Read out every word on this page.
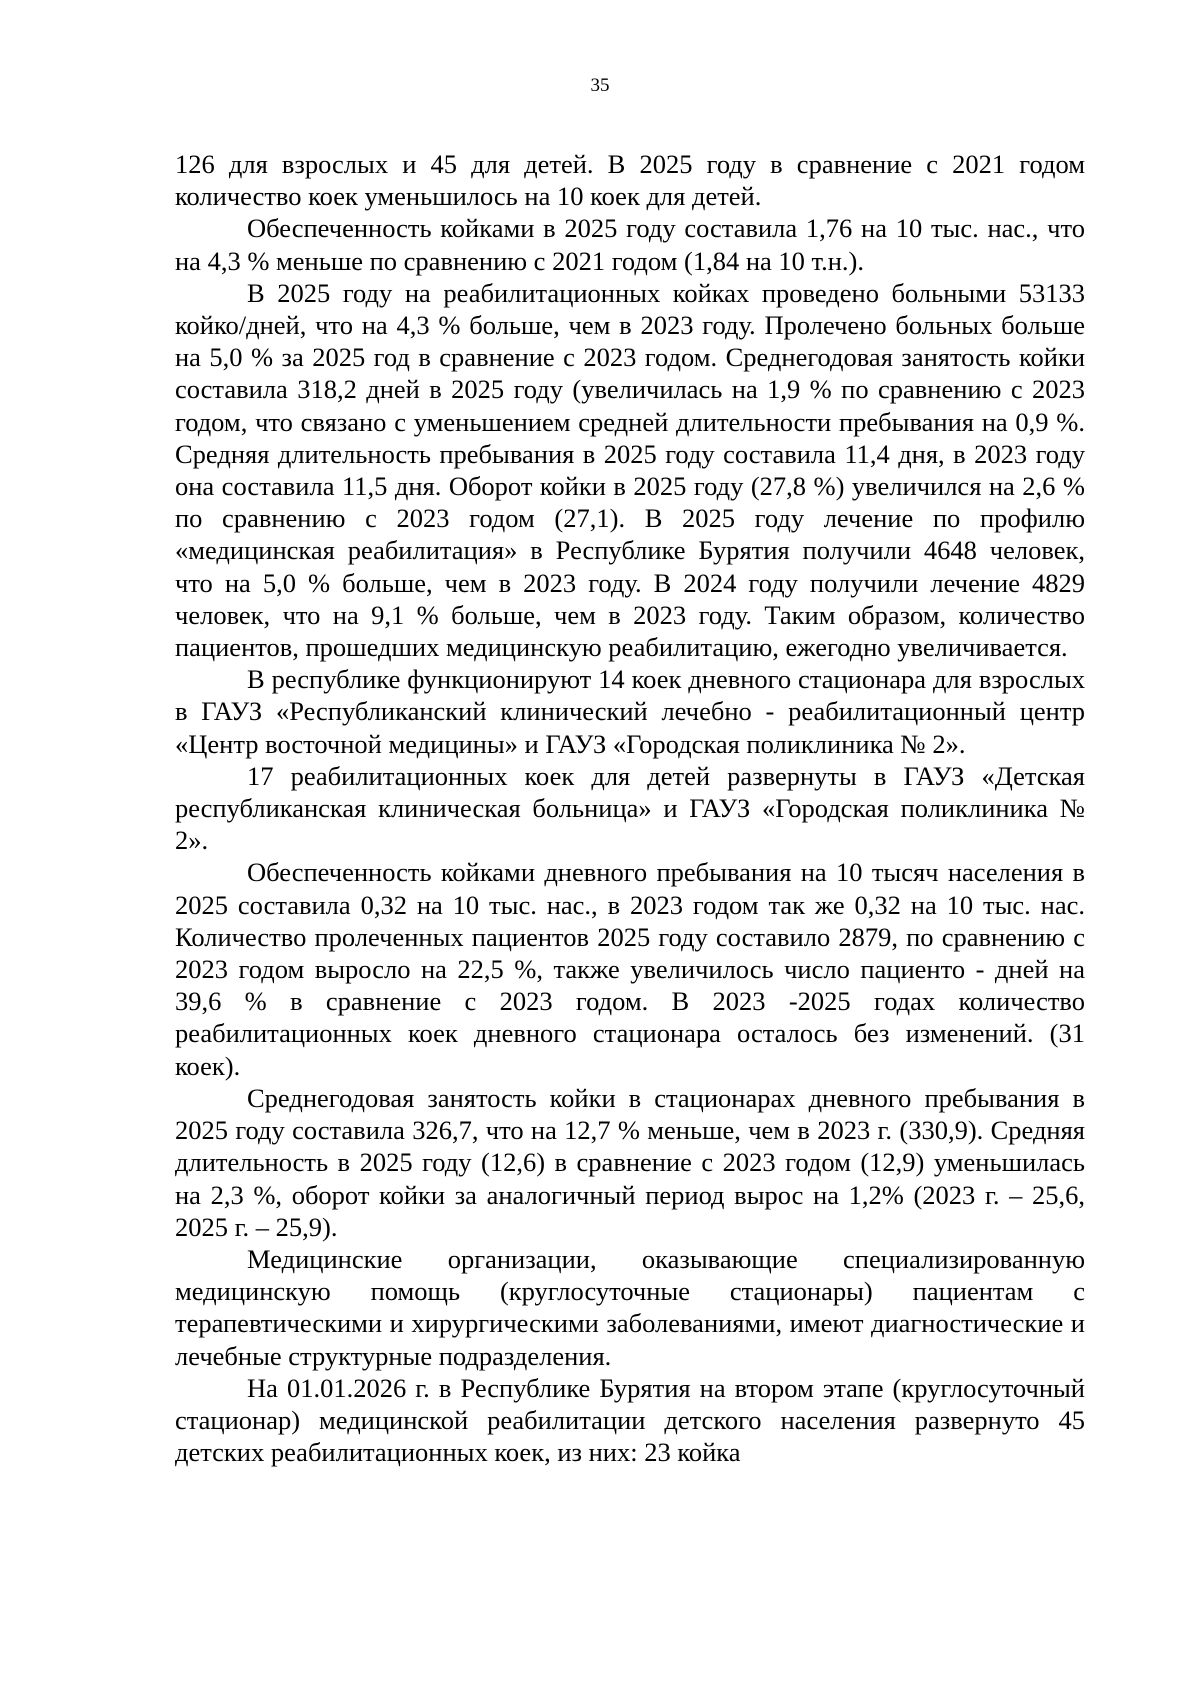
35

126 для взрослых и 45 для детей. В 2025 году в сравнение с 2021 годом количество коек уменьшилось на 10 коек для детей.

Обеспеченность койками в 2025 году составила 1,76 на 10 тыс. нас., что на 4,3 % меньше по сравнению с 2021 годом (1,84 на 10 т.н.).

В 2025 году на реабилитационных койках проведено больными 53133 койко/дней, что на 4,3 % больше, чем в 2023 году. Пролечено больных больше на 5,0 % за 2025 год в сравнение с 2023 годом. Среднегодовая занятость койки составила 318,2 дней в 2025 году (увеличилась на 1,9 % по сравнению с 2023 годом, что связано с уменьшением средней длительности пребывания на 0,9 %. Средняя длительность пребывания в 2025 году составила 11,4 дня, в 2023 году она составила 11,5 дня. Оборот койки в 2025 году (27,8 %) увеличился на 2,6 % по сравнению с 2023 годом (27,1). В 2025 году лечение по профилю «медицинская реабилитация» в Республике Бурятия получили 4648 человек, что на 5,0 % больше, чем в 2023 году. В 2024 году получили лечение 4829 человек, что на 9,1 % больше, чем в 2023 году. Таким образом, количество пациентов, прошедших медицинскую реабилитацию, ежегодно увеличивается.

В республике функционируют 14 коек дневного стационара для взрослых в ГАУЗ «Республиканский клинический лечебно - реабилитационный центр «Центр восточной медицины» и ГАУЗ «Городская поликлиника № 2».

17 реабилитационных коек для детей развернуты в ГАУЗ «Детская республиканская клиническая больница» и ГАУЗ «Городская поликлиника № 2».

Обеспеченность койками дневного пребывания на 10 тысяч населения в 2025 составила 0,32 на 10 тыс. нас., в 2023 годом так же 0,32 на 10 тыс. нас. Количество пролеченных пациентов 2025 году составило 2879, по сравнению с 2023 годом выросло на 22,5 %, также увеличилось число пациенто - дней на 39,6 % в сравнение с 2023 годом. В 2023 -2025 годах количество реабилитационных коек дневного стационара осталось без изменений. (31 коек).

Среднегодовая занятость койки в стационарах дневного пребывания в 2025 году составила 326,7, что на 12,7 % меньше, чем в 2023 г. (330,9). Средняя длительность в 2025 году (12,6) в сравнение с 2023 годом (12,9) уменьшилась на 2,3 %, оборот койки за аналогичный период вырос на 1,2% (2023 г. – 25,6, 2025 г. – 25,9).

Медицинские организации, оказывающие специализированную медицинскую помощь (круглосуточные стационары) пациентам с терапевтическими и хирургическими заболеваниями, имеют диагностические и лечебные структурные подразделения.

На 01.01.2026 г. в Республике Бурятия на втором этапе (круглосуточный стационар) медицинской реабилитации детского населения развернуто 45 детских реабилитационных коек, из них: 23 койка
